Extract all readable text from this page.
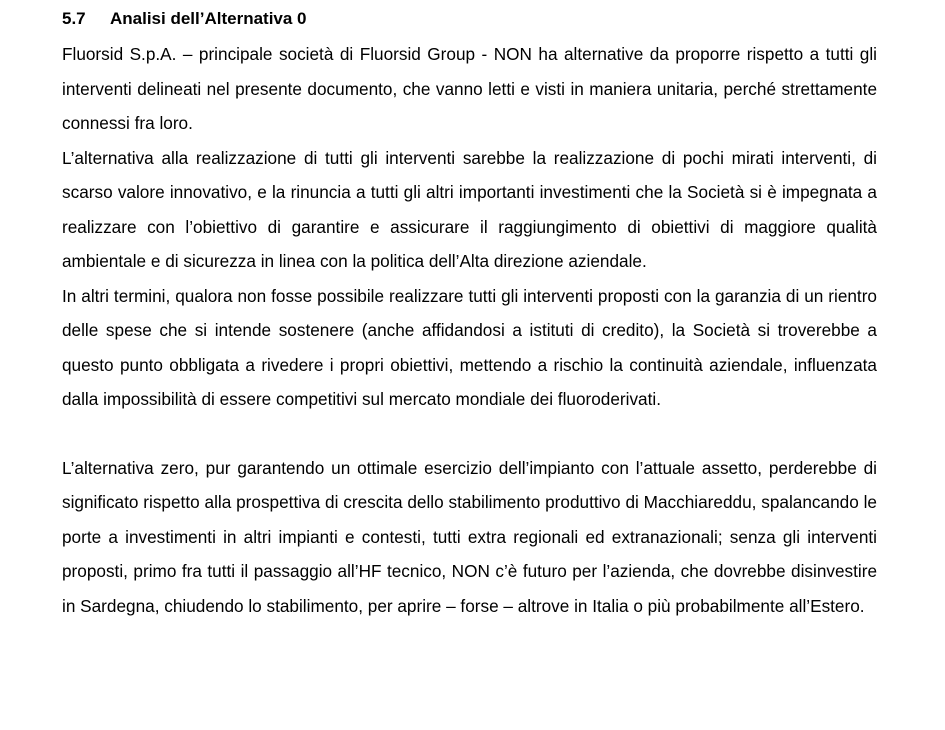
5.7 Analisi dell’Alternativa 0

Fluorsid S.p.A. – principale società di Fluorsid Group - NON ha alternative da proporre rispetto a tutti gli interventi delineati nel presente documento, che vanno letti e visti in maniera unitaria, perché strettamente connessi fra loro.

L’alternativa alla realizzazione di tutti gli interventi sarebbe la realizzazione di pochi mirati interventi, di scarso valore innovativo, e la rinuncia a tutti gli altri importanti investimenti che la Società si è impegnata a realizzare con l’obiettivo di garantire e assicurare il raggiungimento di obiettivi di maggiore qualità ambientale e di sicurezza in linea con la politica dell’Alta direzione aziendale.

In altri termini, qualora non fosse possibile realizzare tutti gli interventi proposti con la garanzia di un rientro delle spese che si intende sostenere (anche affidandosi a istituti di credito), la Società si troverebbe a questo punto obbligata a rivedere i propri obiettivi, mettendo a rischio la continuità aziendale, influenzata dalla impossibilità di essere competitivi sul mercato mondiale dei fluoroderivati.

L’alternativa zero, pur garantendo un ottimale esercizio dell’impianto con l’attuale assetto, perderebbe di significato rispetto alla prospettiva di crescita dello stabilimento produttivo di Macchiareddu, spalancando le porte a investimenti in altri impianti e contesti, tutti extra regionali ed extranazionali; senza gli interventi proposti, primo fra tutti il passaggio all’HF tecnico, NON c’è futuro per l’azienda, che dovrebbe disinvestire in Sardegna, chiudendo lo stabilimento, per aprire – forse – altrove in Italia o più probabilmente all’Estero.
